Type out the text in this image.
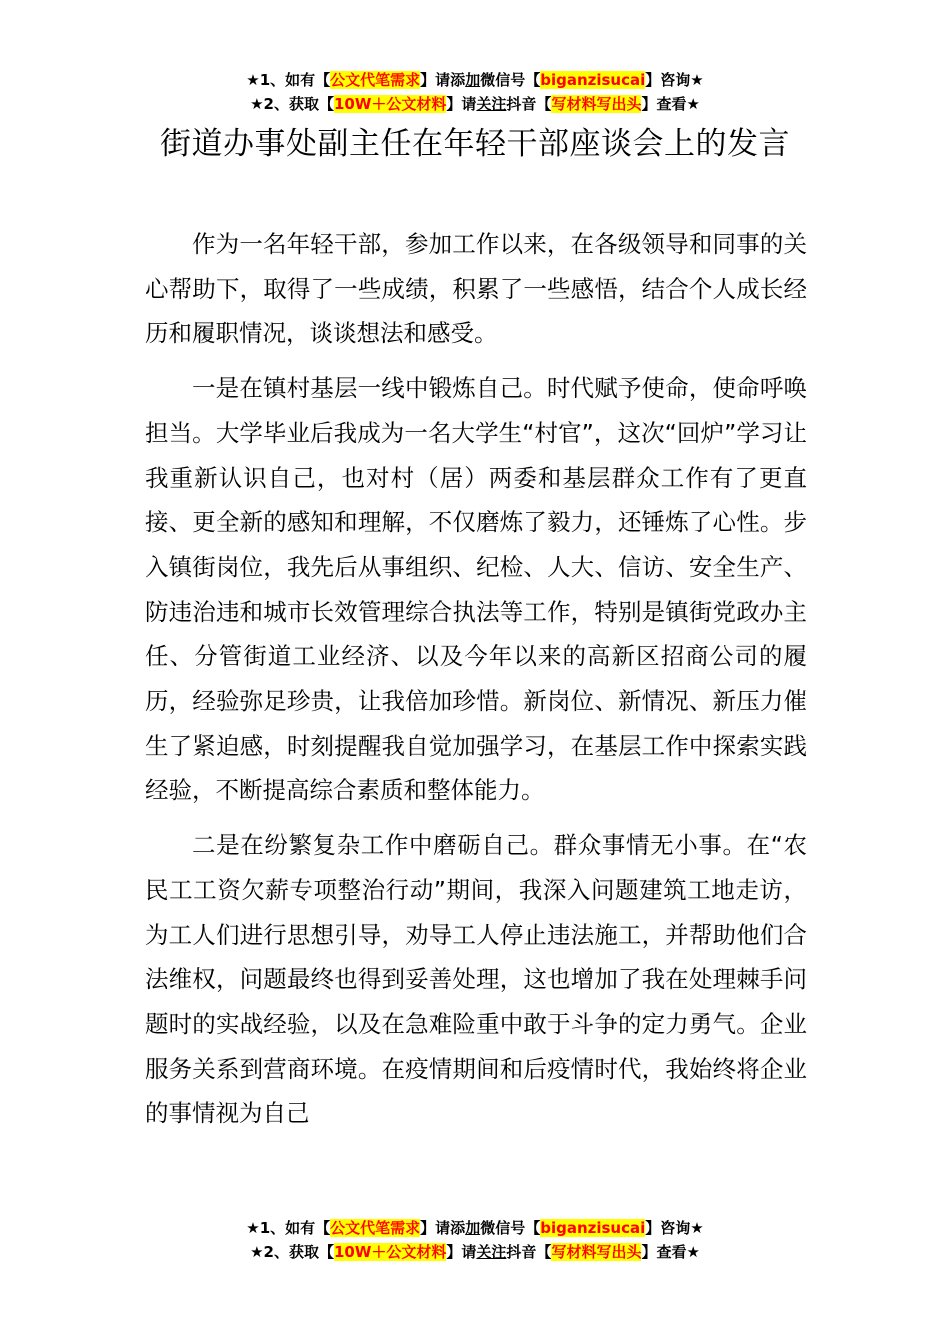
★1、如有【公文代笔需求】请添加微信号【biganzisucai】咨询★
★2、获取【10W＋公文材料】请关注抖音【写材料写出头】查看★
街道办事处副主任在年轻干部座谈会上的发言

作为一名年轻干部，参加工作以来，在各级领导和同事的关心帮助下，取得了一些成绩，积累了一些感悟，结合个人成长经历和履职情况，谈谈想法和感受。

一是在镇村基层一线中锻炼自己。时代赋予使命，使命呼唤担当。大学毕业后我成为一名大学生“村官”，这次“回炉”学习让我重新认识自己，也对村（居）两委和基层群众工作有了更直接、更全新的感知和理解，不仅磨炼了毅力，还锤炼了心性。步入镇街岗位，我先后从事组织、纪检、人大、信访、安全生产、防违治违和城市长效管理综合执法等工作，特别是镇街党政办主任、分管街道工业经济、以及今年以来的高新区招商公司的履历，经验弥足珍贵，让我倍加珍惜。新岗位、新情况、新压力催生了紧迫感，时刻提醒我自觉加强学习，在基层工作中探索实践经验，不断提高综合素质和整体能力。

二是在纷繁复杂工作中磨砺自己。群众事情无小事。在“农民工工资欠薪专项整治行动”期间，我深入问题建筑工地走访，为工人们进行思想引导，劝导工人停止违法施工，并帮助他们合法维权，问题最终也得到妥善处理，这也增加了我在处理棘手问题时的实战经验，以及在急难险重中敢于斗争的定力勇气。企业服务关系到营商环境。在疫情期间和后疫情时代，我始终将企业的事情视为自己

★1、如有【公文代笔需求】请添加微信号【biganzisucai】咨询★
★2、获取【10W＋公文材料】请关注抖音【写材料写出头】查看★
